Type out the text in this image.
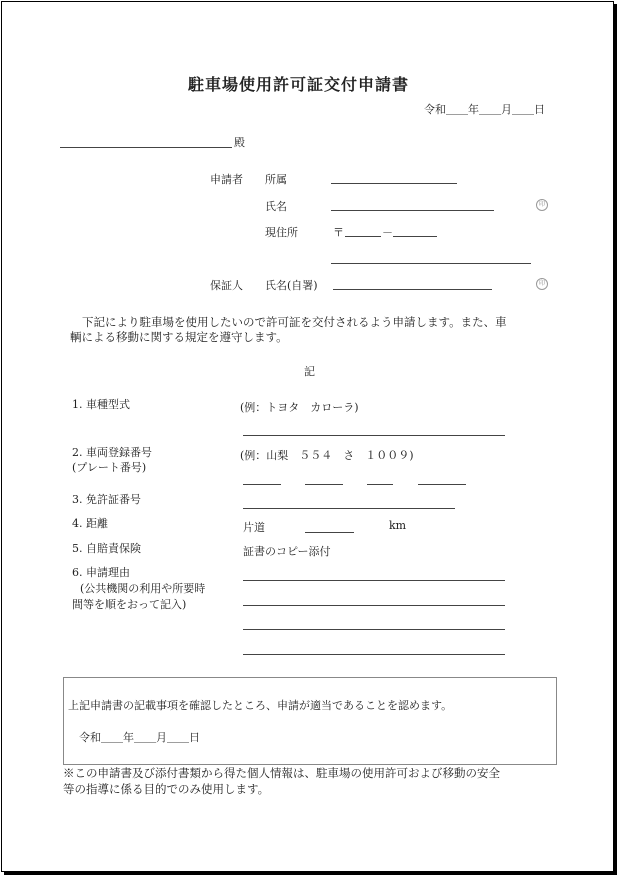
駐車場使用許可証交付申請書
令和＿＿年＿＿月＿＿日
殿
申請者 所属
氏名	印
現住所	〒	－
保証人 氏名(自署)	印
下記により駐車場を使用したいので許可証を交付されるよう申請します。また、車
輌による移動に関する規定を遵守します。
記
1. 車種型式	(例：トヨタ　カローラ)
2. 車両登録番号
(プレート番号)
(例：山梨　５５４　さ　１００９)
3. 免許証番号
4. 距離	片道	km
5. 自賠責保険	証書のコピー添付
6. 申請理由
(公共機関の利用や所要時
間等を順をおって記入)
上記申請書の記載事項を確認したところ、申請が適当であることを認めます。
令和＿＿年＿＿月＿＿日
※この申請書及び添付書類から得た個人情報は、駐車場の使用許可および移動の安全
等の指導に係る目的でのみ使用します。
